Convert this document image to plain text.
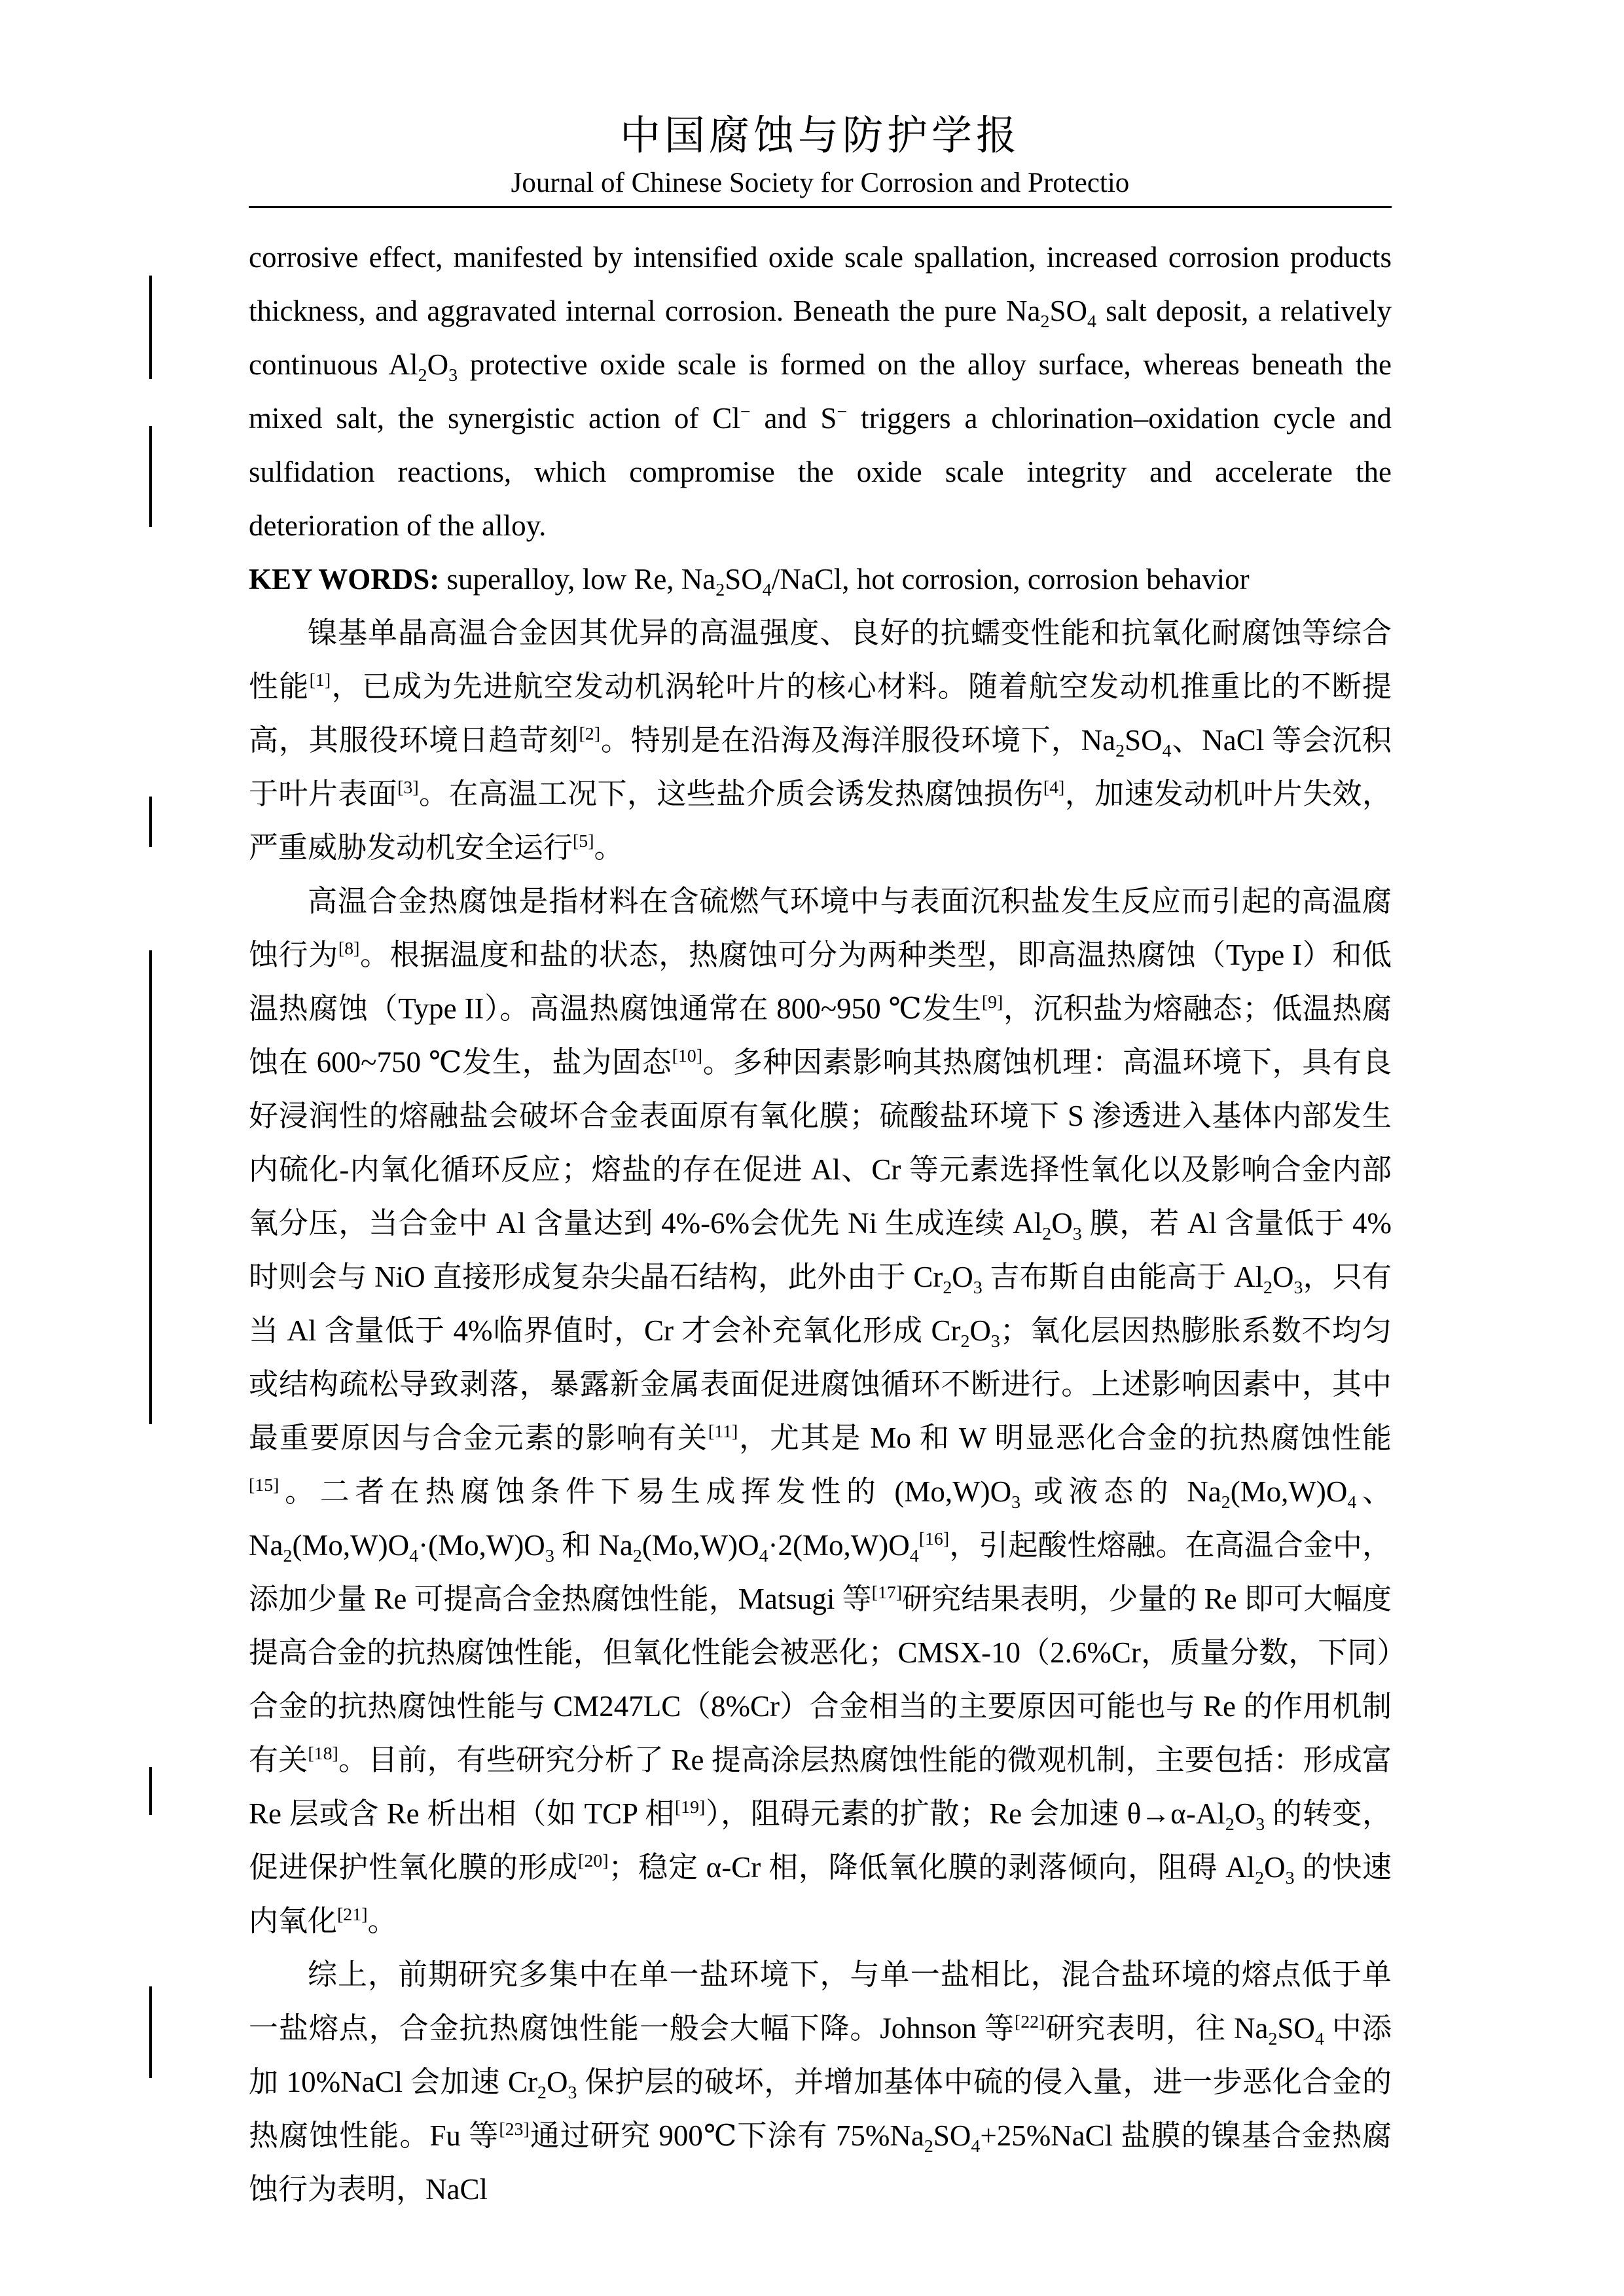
中国腐蚀与防护学报
Journal of Chinese Society for Corrosion and Protectio

corrosive effect, manifested by intensified oxide scale spallation, increased corrosion products thickness, and aggravated internal corrosion. Beneath the pure $Na_2SO_4$ salt deposit, a relatively continuous $Al_2O_3$ protective oxide scale is formed on the alloy surface, whereas beneath the mixed salt, the synergistic action of Cl− and S− triggers a chlorination–oxidation cycle and sulfidation reactions, which compromise the oxide scale integrity and accelerate the deterioration of the alloy.

KEY WORDS: superalloy, low Re, $Na_2SO_4$/NaCl, hot corrosion, corrosion behavior

镍基单晶高温合金因其优异的高温强度、良好的抗蠕变性能和抗氧化耐腐蚀等综合性能[1]，已成为先进航空发动机涡轮叶片的核心材料。随着航空发动机推重比的不断提高，其服役环境日趋苛刻[2]。特别是在沿海及海洋服役环境下，$Na_2SO_4$、NaCl 等会沉积于叶片表面[3]。在高温工况下，这些盐介质会诱发热腐蚀损伤[4]，加速发动机叶片失效，严重威胁发动机安全运行[5]。

高温合金热腐蚀是指材料在含硫燃气环境中与表面沉积盐发生反应而引起的高温腐蚀行为[8]。根据温度和盐的状态，热腐蚀可分为两种类型，即高温热腐蚀（Type I）和低温热腐蚀（Type II）。高温热腐蚀通常在 800~950 ℃发生[9]，沉积盐为熔融态；低温热腐蚀在 600~750 ℃发生，盐为固态[10]。多种因素影响其热腐蚀机理：高温环境下，具有良好浸润性的熔融盐会破坏合金表面原有氧化膜；硫酸盐环境下 S 渗透进入基体内部发生内硫化-内氧化循环反应；熔盐的存在促进 Al、Cr 等元素选择性氧化以及影响合金内部氧分压，当合金中 Al 含量达到 4%-6%会优先 Ni 生成连续 $Al_2O_3$ 膜，若 Al 含量低于 4%时则会与 NiO 直接形成复杂尖晶石结构，此外由于 $Cr_2O_3$ 吉布斯自由能高于 $Al_2O_3$，只有当 Al 含量低于 4%临界值时，Cr 才会补充氧化形成 $Cr_2O_3$；氧化层因热膨胀系数不均匀或结构疏松导致剥落，暴露新金属表面促进腐蚀循环不断进行。上述影响因素中，其中最重要原因与合金元素的影响有关[11]，尤其是 Mo 和 W 明显恶化合金的抗热腐蚀性能[15]。二者在热腐蚀条件下易生成挥发性的 $(Mo,W)O_3$ 或液态的 $Na_2(Mo,W)O_4$、$Na_2(Mo,W)O_4\cdot(Mo,W)O_3$ 和 $Na_2(Mo,W)O_4\cdot 2(Mo,W)O_4[16]$，引起酸性熔融。在高温合金中，添加少量 Re 可提高合金热腐蚀性能，Matsugi 等[17]研究结果表明，少量的 Re 即可大幅度提高合金的抗热腐蚀性能，但氧化性能会被恶化；CMSX-10（2.6%Cr，质量分数，下同）合金的抗热腐蚀性能与 CM247LC（8%Cr）合金相当的主要原因可能也与 Re 的作用机制有关[18]。目前，有些研究分析了 Re 提高涂层热腐蚀性能的微观机制，主要包括：形成富 Re 层或含 Re 析出相（如 TCP 相[19]），阻碍元素的扩散；Re 会加速 $\theta\to\alpha-Al_2O_3$ 的转变，促进保护性氧化膜的形成[20]；稳定 α-Cr 相，降低氧化膜的剥落倾向，阻碍 $Al_2O_3$ 的快速内氧化[21]。

综上，前期研究多集中在单一盐环境下，与单一盐相比，混合盐环境的熔点低于单一盐熔点，合金抗热腐蚀性能一般会大幅下降。Johnson 等[22]研究表明，往 $Na_2SO_4$ 中添加 10%NaCl 会加速 $Cr_2O_3$ 保护层的破坏，并增加基体中硫的侵入量，进一步恶化合金的热腐蚀性能。Fu 等[23]通过研究 900℃下涂有 $75\%Na_2SO_4+25\%NaCl$ 盐膜的镍基合金热腐蚀行为表明，NaCl
